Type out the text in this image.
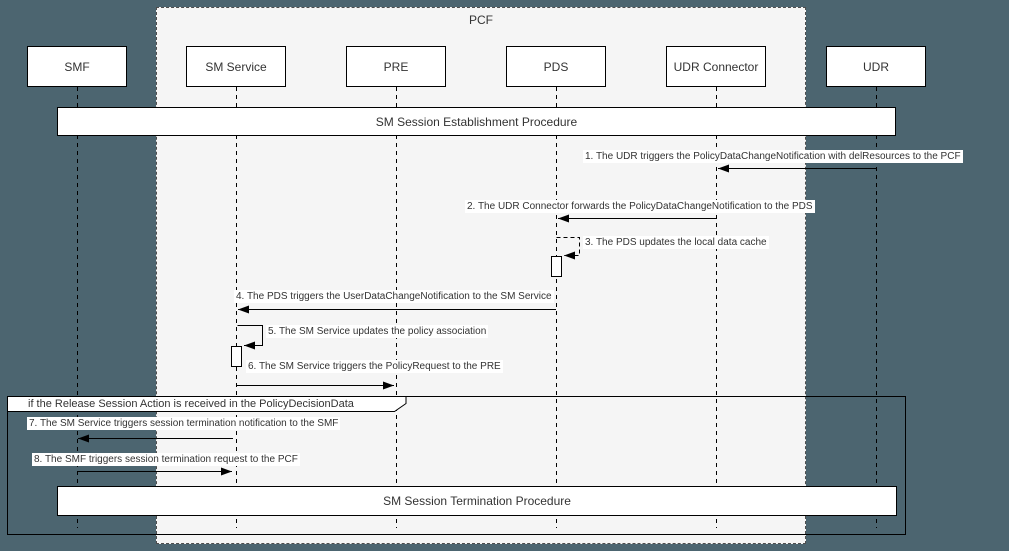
PCF
SMF	SM Service	PRE	PDS	UDR Connector	UDR
SM Session Establishment Procedure
SM Session Termination Procedure
if the Release Session Action is received in the PolicyDecisionData
1. The UDR triggers the PolicyDataChangeNotification with delResources to the PCF
2. The UDR Connector forwards the PolicyDataChangeNotification to the PDS
3. The PDS updates the local data cache
4. The PDS triggers the UserDataChangeNotification to the SM Service
5. The SM Service updates the policy association
6. The SM Service triggers the PolicyRequest to the PRE
7. The SM Service triggers session termination notification to the SMF
8. The SMF triggers session termination request to the PCF
